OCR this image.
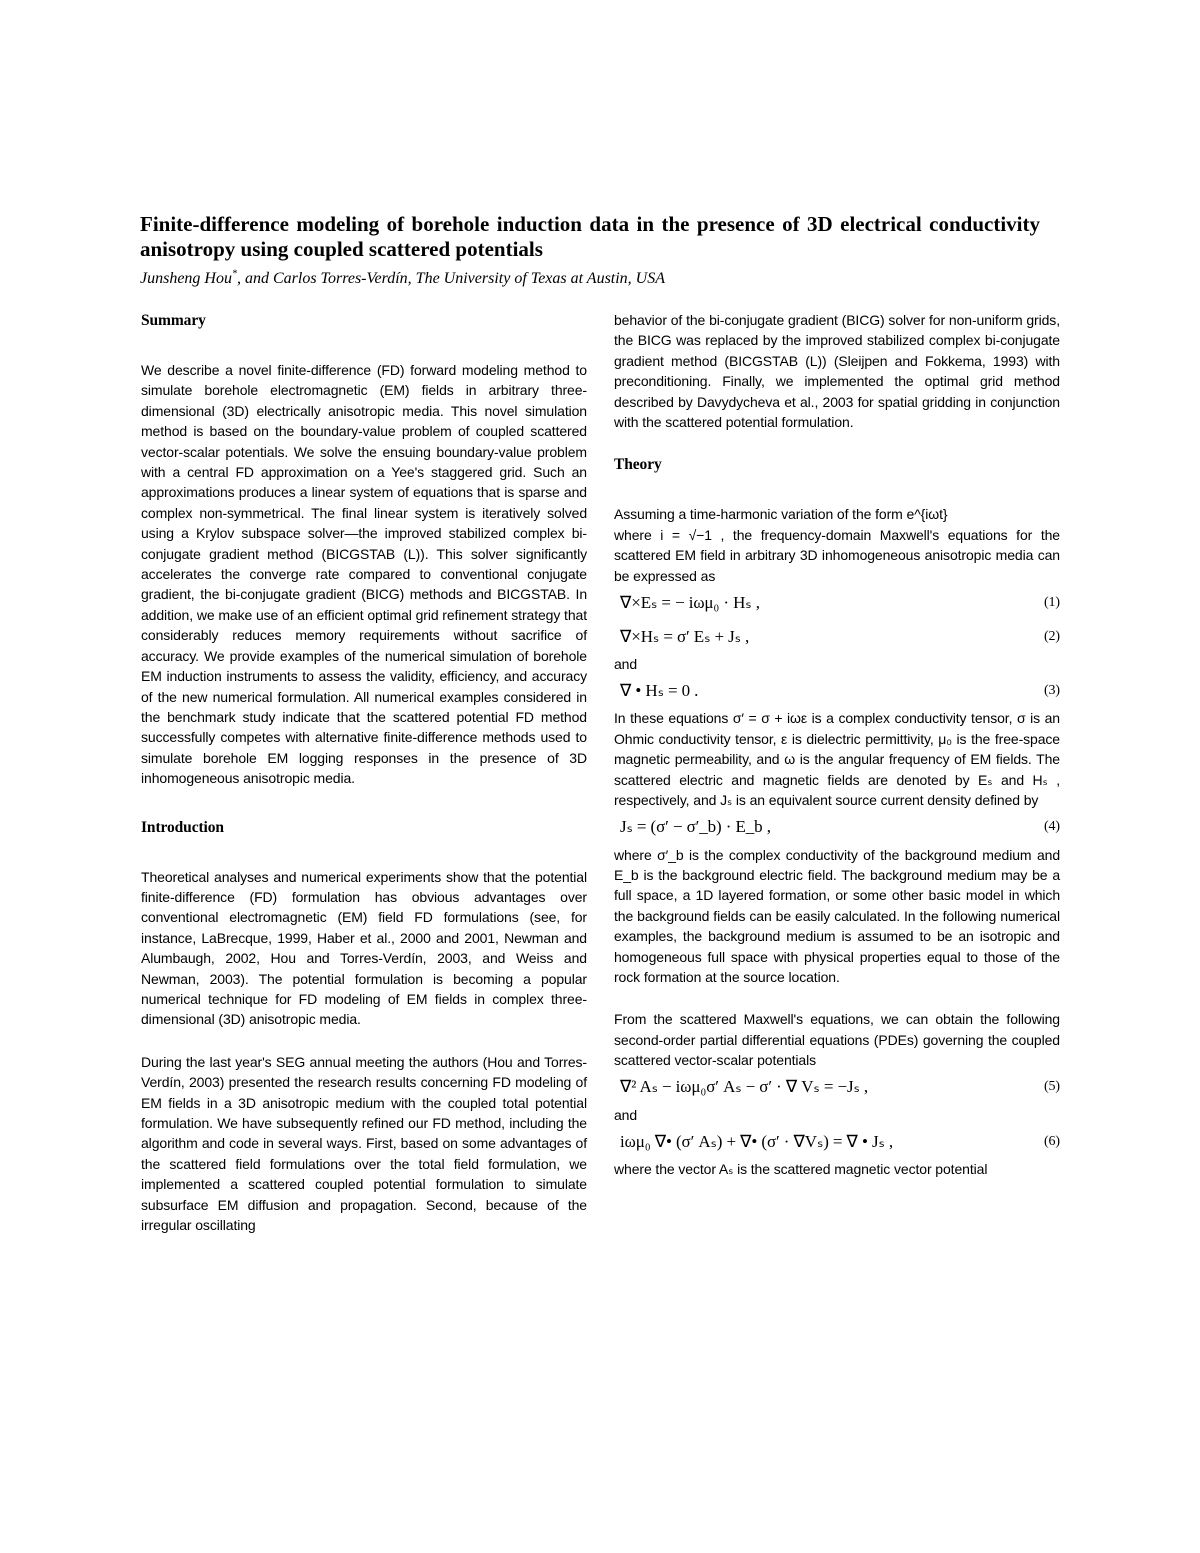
Finite-difference modeling of borehole induction data in the presence of 3D electrical conductivity anisotropy using coupled scattered potentials
Junsheng Hou*, and Carlos Torres-Verdín, The University of Texas at Austin, USA
Summary

We describe a novel finite-difference (FD) forward modeling method to simulate borehole electromagnetic (EM) fields in arbitrary three-dimensional (3D) electrically anisotropic media. This novel simulation method is based on the boundary-value problem of coupled scattered vector-scalar potentials. We solve the ensuing boundary-value problem with a central FD approximation on a Yee's staggered grid. Such an approximations produces a linear system of equations that is sparse and complex non-symmetrical. The final linear system is iteratively solved using a Krylov subspace solver—the improved stabilized complex bi-conjugate gradient method (BICGSTAB (L)). This solver significantly accelerates the converge rate compared to conventional conjugate gradient, the bi-conjugate gradient (BICG) methods and BICGSTAB. In addition, we make use of an efficient optimal grid refinement strategy that considerably reduces memory requirements without sacrifice of accuracy. We provide examples of the numerical simulation of borehole EM induction instruments to assess the validity, efficiency, and accuracy of the new numerical formulation. All numerical examples considered in the benchmark study indicate that the scattered potential FD method successfully competes with alternative finite-difference methods used to simulate borehole EM logging responses in the presence of 3D inhomogeneous anisotropic media.

Introduction

Theoretical analyses and numerical experiments show that the potential finite-difference (FD) formulation has obvious advantages over conventional electromagnetic (EM) field FD formulations (see, for instance, LaBrecque, 1999, Haber et al., 2000 and 2001, Newman and Alumbaugh, 2002, Hou and Torres-Verdín, 2003, and Weiss and Newman, 2003). The potential formulation is becoming a popular numerical technique for FD modeling of EM fields in complex three-dimensional (3D) anisotropic media.

During the last year's SEG annual meeting the authors (Hou and Torres-Verdín, 2003) presented the research results concerning FD modeling of EM fields in a 3D anisotropic medium with the coupled total potential formulation. We have subsequently refined our FD method, including the algorithm and code in several ways. First, based on some advantages of the scattered field formulations over the total field formulation, we implemented a scattered coupled potential formulation to simulate subsurface EM diffusion and propagation. Second, because of the irregular oscillating

behavior of the bi-conjugate gradient (BICG) solver for non-uniform grids, the BICG was replaced by the improved stabilized complex bi-conjugate gradient method (BICGSTAB (L)) (Sleijpen and Fokkema, 1993) with preconditioning. Finally, we implemented the optimal grid method described by Davydycheva et al., 2003 for spatial gridding in conjunction with the scattered potential formulation.

Theory

Assuming a time-harmonic variation of the form e^{iωt}

where i = √−1 , the frequency-domain Maxwell's equations for the scattered EM field in arbitrary 3D inhomogeneous anisotropic media can be expressed as

∇×Eₛ = − iωμ₀ · Hₛ ,	(1)
∇×Hₛ = σ′ Eₛ + Jₛ ,	(2)

and

∇ • Hₛ = 0 .	(3)

In these equations σ′ = σ + iωε is a complex conductivity tensor, σ is an Ohmic conductivity tensor, ε is dielectric permittivity, μ₀ is the free-space magnetic permeability, and ω is the angular frequency of EM fields. The scattered electric and magnetic fields are denoted by Eₛ and Hₛ , respectively, and Jₛ is an equivalent source current density defined by

Jₛ = (σ′ − σ′_b) · E_b ,	(4)

where σ′_b is the complex conductivity of the background medium and E_b is the background electric field. The background medium may be a full space, a 1D layered formation, or some other basic model in which the background fields can be easily calculated. In the following numerical examples, the background medium is assumed to be an isotropic and homogeneous full space with physical properties equal to those of the rock formation at the source location.

From the scattered Maxwell's equations, we can obtain the following second-order partial differential equations (PDEs) governing the coupled scattered vector-scalar potentials

∇² Aₛ − iωμ₀σ′ Aₛ − σ′ · ∇ Vₛ = −Jₛ ,	(5)

and

iωμ₀ ∇• (σ′ Aₛ) + ∇• (σ′ · ∇Vₛ) = ∇ • Jₛ ,	(6)

where the vector Aₛ is the scattered magnetic vector potential
